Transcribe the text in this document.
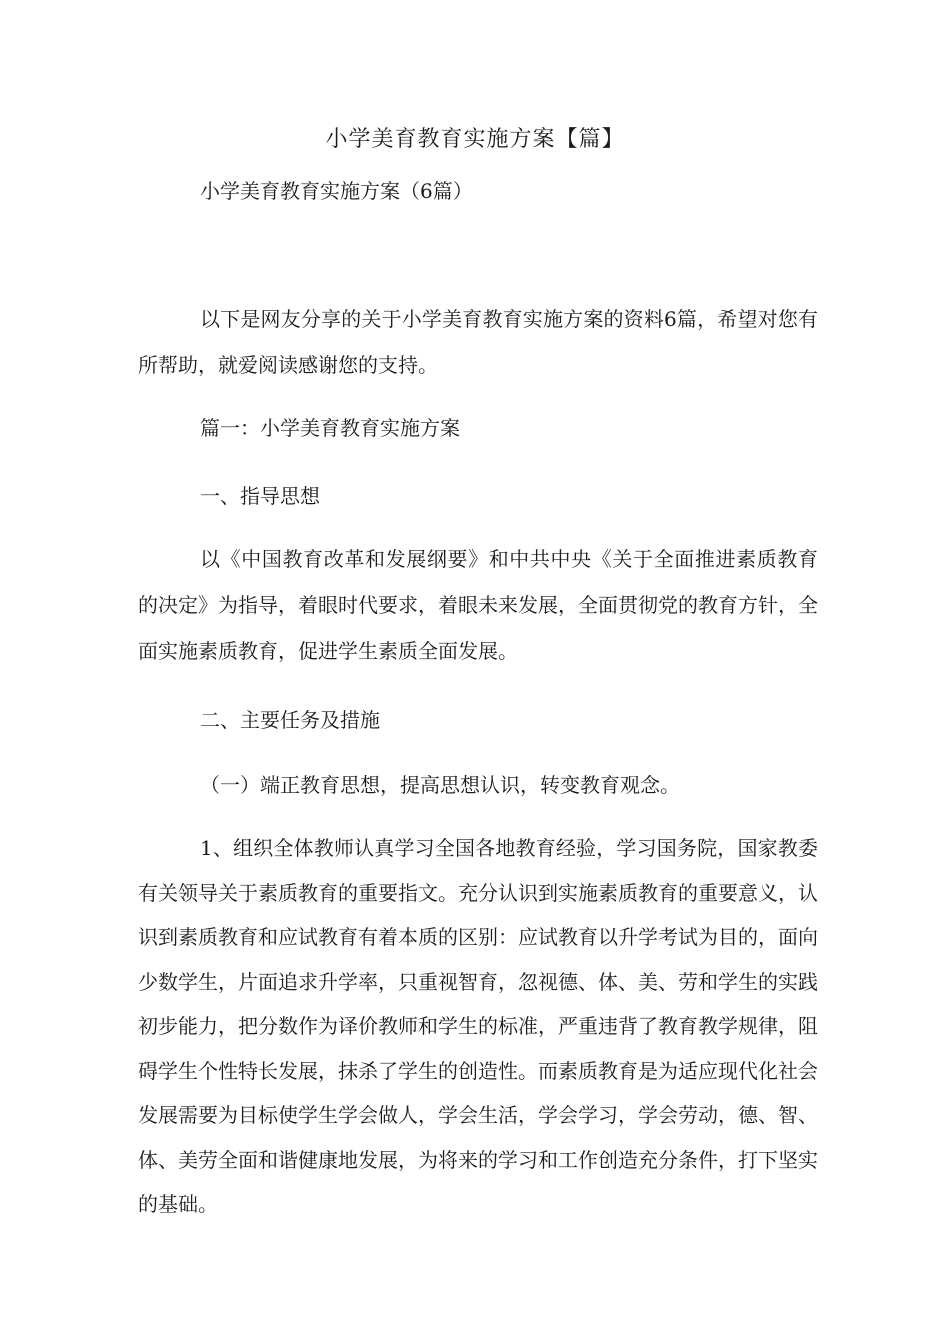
小学美育教育实施方案【篇】
小学美育教育实施方案（6篇）

以下是网友分享的关于小学美育教育实施方案的资料6篇，希望对您有所帮助，就爱阅读感谢您的支持。

篇一：小学美育教育实施方案

一、指导思想

以《中国教育改革和发展纲要》和中共中央《关于全面推进素质教育的决定》为指导，着眼时代要求，着眼未来发展，全面贯彻党的教育方针，全面实施素质教育，促进学生素质全面发展。

二、主要任务及措施

（一）端正教育思想，提高思想认识，转变教育观念。

1、组织全体教师认真学习全国各地教育经验，学习国务院，国家教委有关领导关于素质教育的重要指文。充分认识到实施素质教育的重要意义，认识到素质教育和应试教育有着本质的区别：应试教育以升学考试为目的，面向少数学生，片面追求升学率，只重视智育，忽视德、体、美、劳和学生的实践初步能力，把分数作为译价教师和学生的标准，严重违背了教育教学规律，阻碍学生个性特长发展，抹杀了学生的创造性。而素质教育是为适应现代化社会发展需要为目标使学生学会做人，学会生活，学会学习，学会劳动，德、智、体、美劳全面和谐健康地发展，为将来的学习和工作创造充分条件，打下坚实的基础。
